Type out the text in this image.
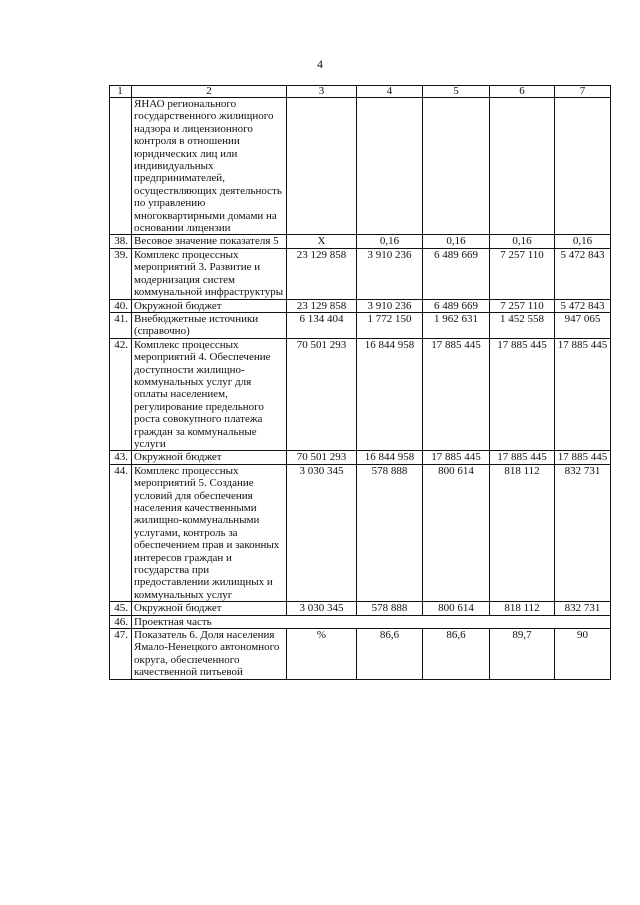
4
1	2	3	4	5	6	7
	ЯНАО регионального государственного жилищного надзора и лицензионного контроля в отношении юридических лиц или индивидуальных предпринимателей, осуществляющих деятельность по управлению многоквартирными домами на основании лицензии					
38.	Весовое значение показателя 5	X	0,16	0,16	0,16	0,16
39.	Комплекс процессных мероприятий 3. Развитие и модернизация систем коммунальной инфраструктуры	23 129 858	3 910 236	6 489 669	7 257 110	5 472 843
40.	Окружной бюджет	23 129 858	3 910 236	6 489 669	7 257 110	5 472 843
41.	Внебюджетные источники (справочно)	6 134 404	1 772 150	1 962 631	1 452 558	947 065
42.	Комплекс процессных мероприятий 4. Обеспечение доступности жилищно-коммунальных услуг для оплаты населением, регулирование предельного роста совокупного платежа граждан за коммунальные услуги	70 501 293	16 844 958	17 885 445	17 885 445	17 885 445
43.	Окружной бюджет	70 501 293	16 844 958	17 885 445	17 885 445	17 885 445
44.	Комплекс процессных мероприятий 5. Создание условий для обеспечения населения качественными жилищно-коммунальными услугами, контроль за обеспечением прав и законных интересов граждан и государства при предоставлении жилищных и коммунальных услуг	3 030 345	578 888	800 614	818 112	832 731
45.	Окружной бюджет	3 030 345	578 888	800 614	818 112	832 731
46.	Проектная часть					
47.	Показатель 6. Доля населения Ямало-Ненецкого автономного округа, обеспеченного качественной питьевой	%	86,6	86,6	89,7	90
